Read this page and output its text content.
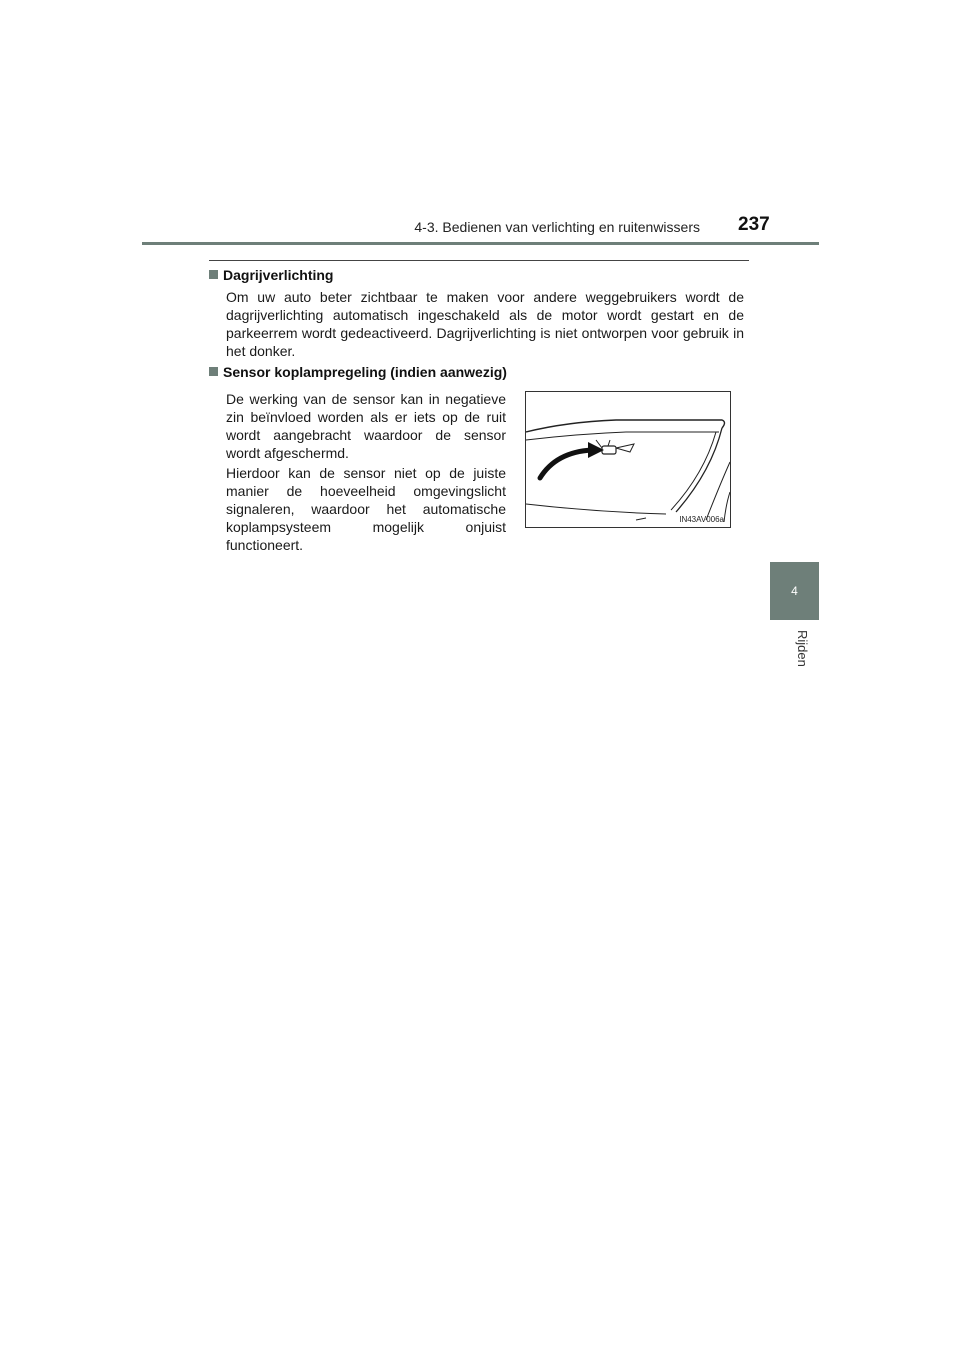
4-3. Bedienen van verlichting en ruitenwissers 237
4
Rijden
Dagrijverlichting

Om uw auto beter zichtbaar te maken voor andere weggebruikers wordt de dagrijverlichting automatisch ingeschakeld als de motor wordt gestart en de parkeerrem wordt gedeactiveerd. Dagrijverlichting is niet ontworpen voor gebruik in het donker.

Sensor koplampregeling (indien aanwezig)

De werking van de sensor kan in negatieve zin beïnvloed worden als er iets op de ruit wordt aangebracht waardoor de sensor wordt afgeschermd.

Hierdoor kan de sensor niet op de juiste manier de hoeveelheid omgevingslicht signaleren, waardoor het automatische koplampsysteem mogelijk onjuist functioneert.

IN43AV006a
